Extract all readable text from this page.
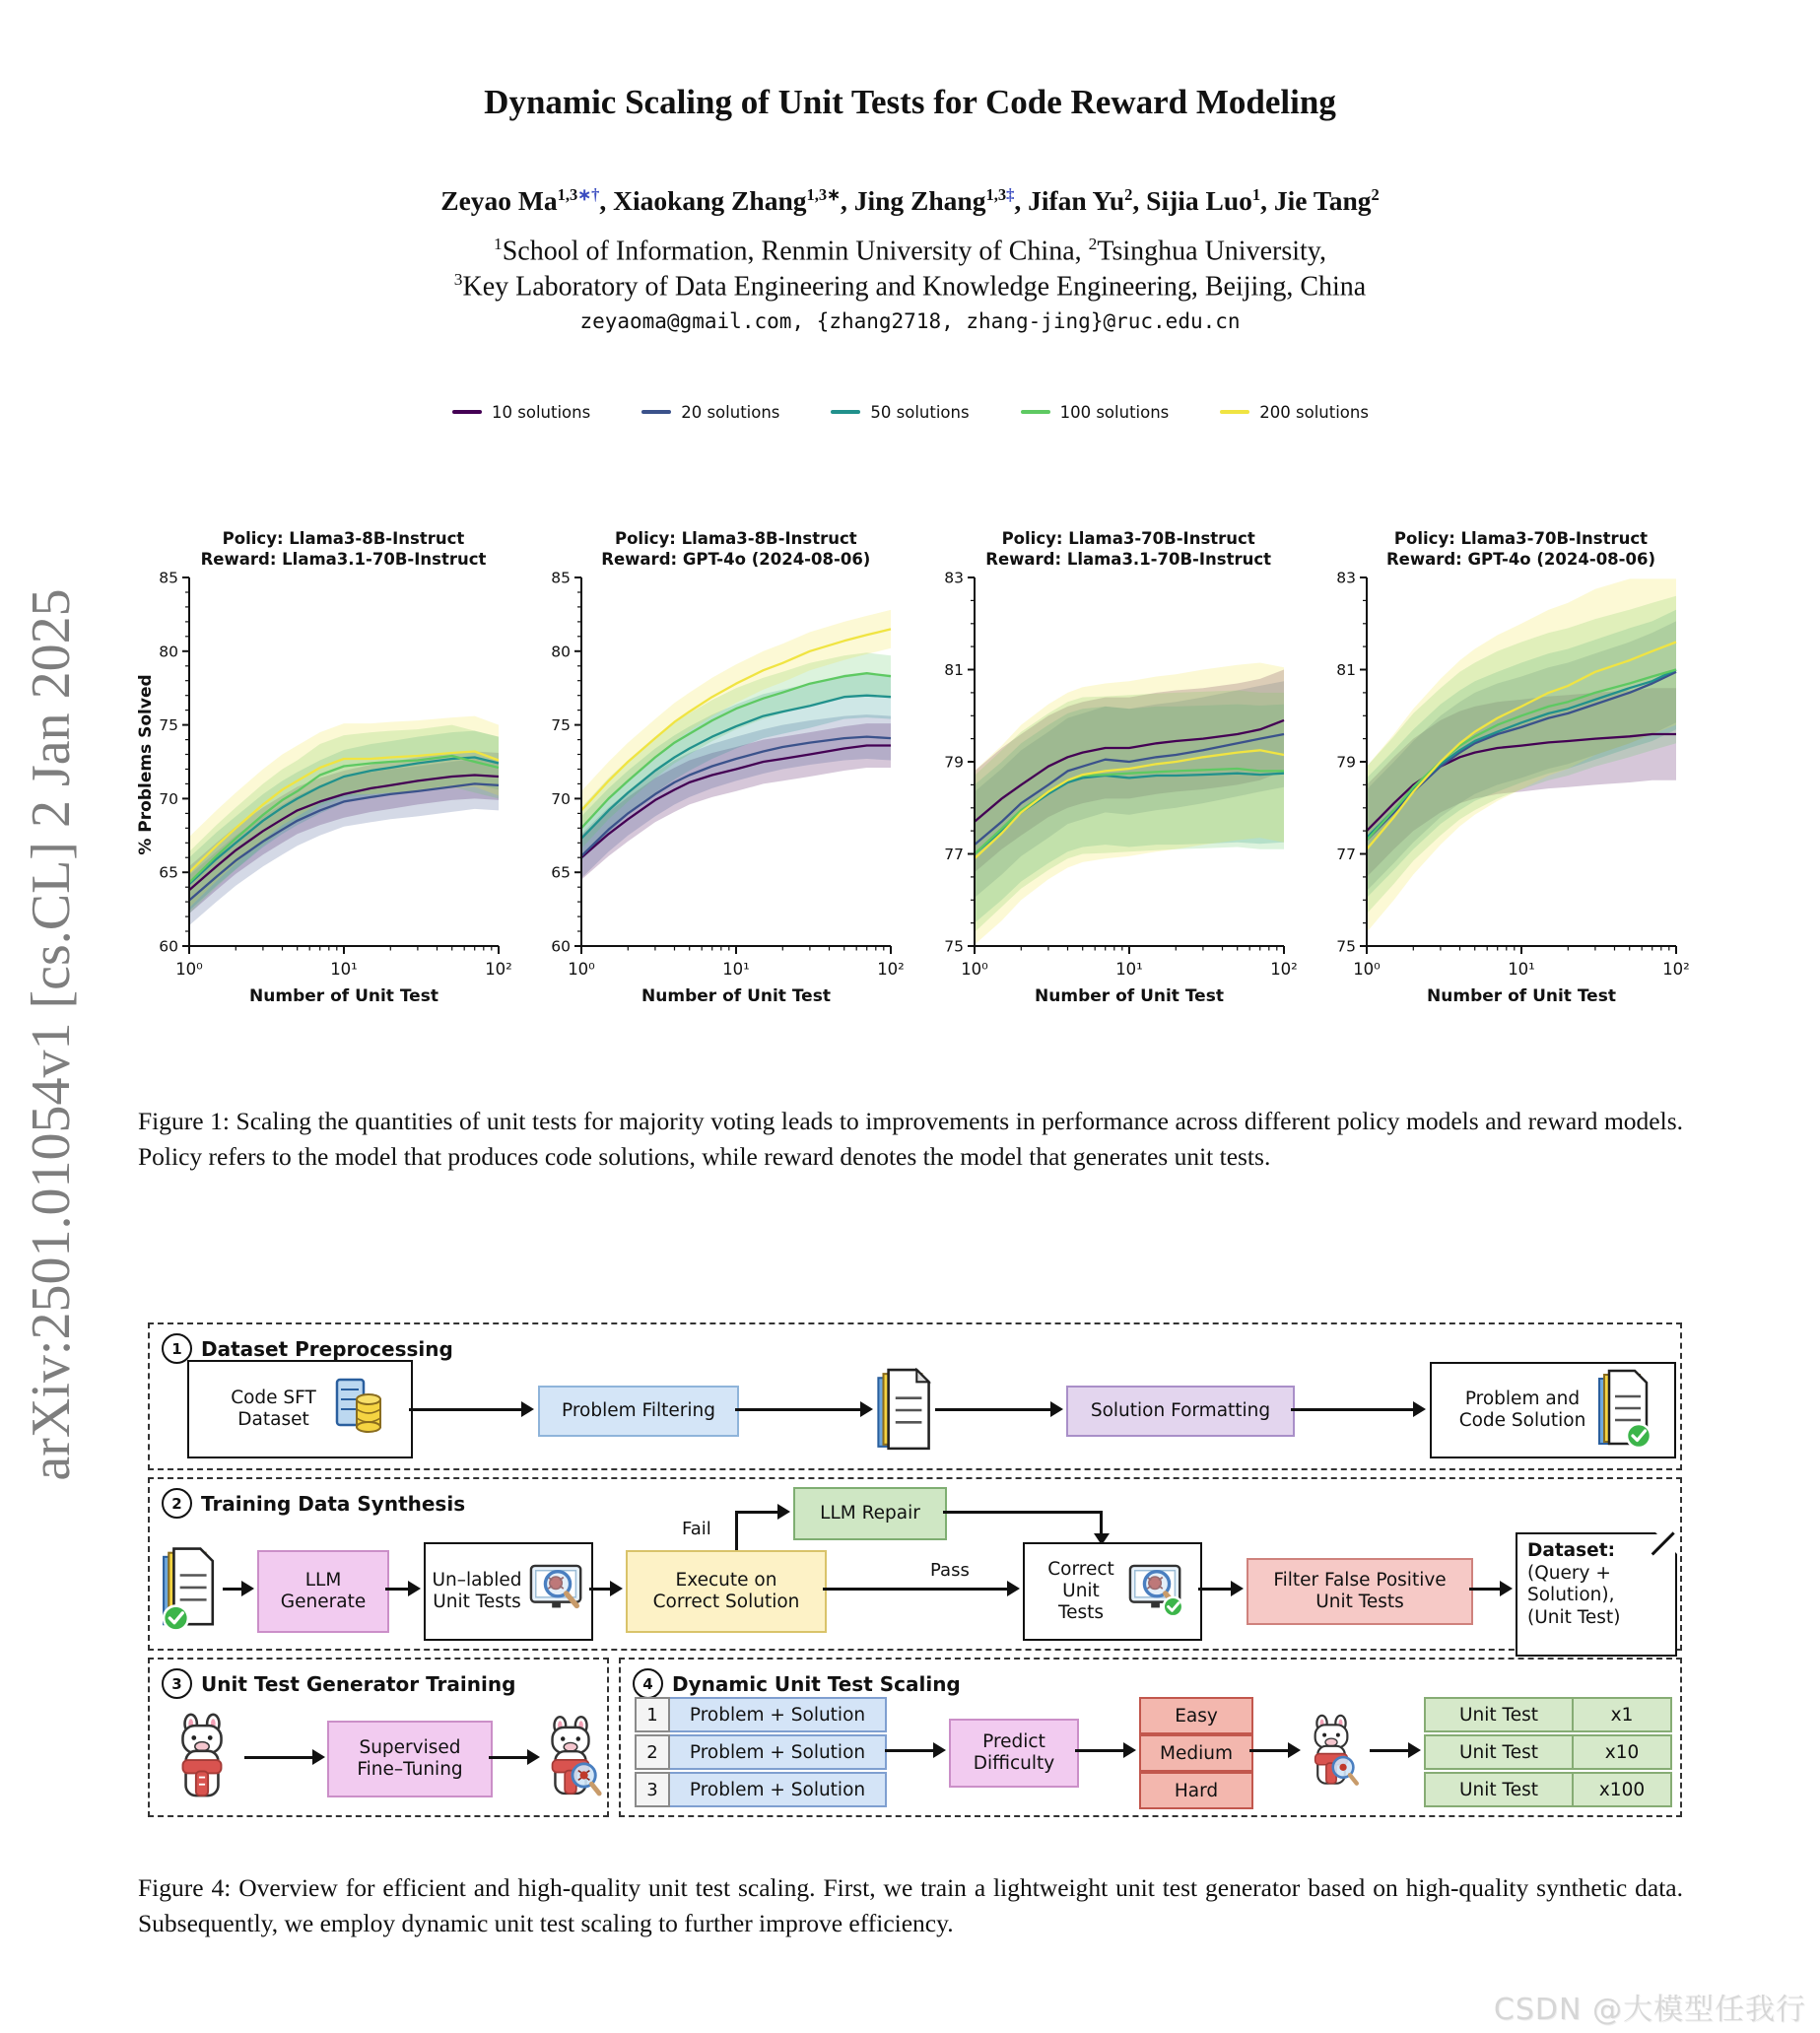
arXiv:2501.01054v1 [cs.CL] 2 Jan 2025
Dynamic Scaling of Unit Tests for Code Reward Modeling
Zeyao $Ma^{1,3∗\dagger}$, Xiaokang Zhang$^{1,3∗}$, Jing Zhang$^{1,3\ddagger}$, Jifan Yu$^2$, Sijia Luo$^1$, Jie Tang$^2$
$^1$School of Information, Renmin University of China, $^2$Tsinghua University,
$^3$Key Laboratory of Data Engineering and Knowledge Engineering, Beijing, China
zeyaoma@gmail.com, {zhang2718, zhang-jing}@ruc.edu.cn
10 solutions	20 solutions	50 solutions	100 solutions	200 solutions
% Problems Solved
Policy: Llama3-8B-Instruct
Reward: Llama3.1-70B-Instruct
60
65
70
75
80
85
10⁰	10¹	10²
Number of Unit Test
Policy: Llama3-8B-Instruct
Reward: GPT-4o (2024-08-06)
60
65
70
75
80
85
10⁰	10¹	10²
Number of Unit Test
Policy: Llama3-70B-Instruct
Reward: Llama3.1-70B-Instruct
75
77
79
81
83
10⁰	10¹	10²
Number of Unit Test
Policy: Llama3-70B-Instruct
Reward: GPT-4o (2024-08-06)
75
77
79
81
83
10⁰	10¹	10²
Number of Unit Test
Figure 1: Scaling the quantities of unit tests for majority voting leads to improvements in performance across different policy models and reward models. Policy refers to the model that produces code solutions, while reward denotes the model that generates unit tests.
1 Dataset Preprocessing
Code SFT Dataset	Problem Filtering	Solution Formatting
Problem and Code Solution
2 Training Data Synthesis
LLM Generate
Un–labled Unit Tests
Execute on Correct Solution
Fail
LLM Repair
Pass	Correct Unit Tests
Filter False Positive Unit Tests
Dataset:
(Query +
Solution),
(Unit Test)
3 Unit Test Generator Training
Supervised Fine–Tuning
4 Dynamic Unit Test Scaling
1	Problem + Solution
2	Problem + Solution
3	Problem + Solution
Predict Difficulty
Easy
Medium
Hard
Unit Test	x1
Unit Test	x10
Unit Test	x100
Figure 4: Overview for efficient and high-quality unit test scaling. First, we train a lightweight unit test generator based on high-quality synthetic data. Subsequently, we employ dynamic unit test scaling to further improve efficiency.
CSDN @大模型任我行
